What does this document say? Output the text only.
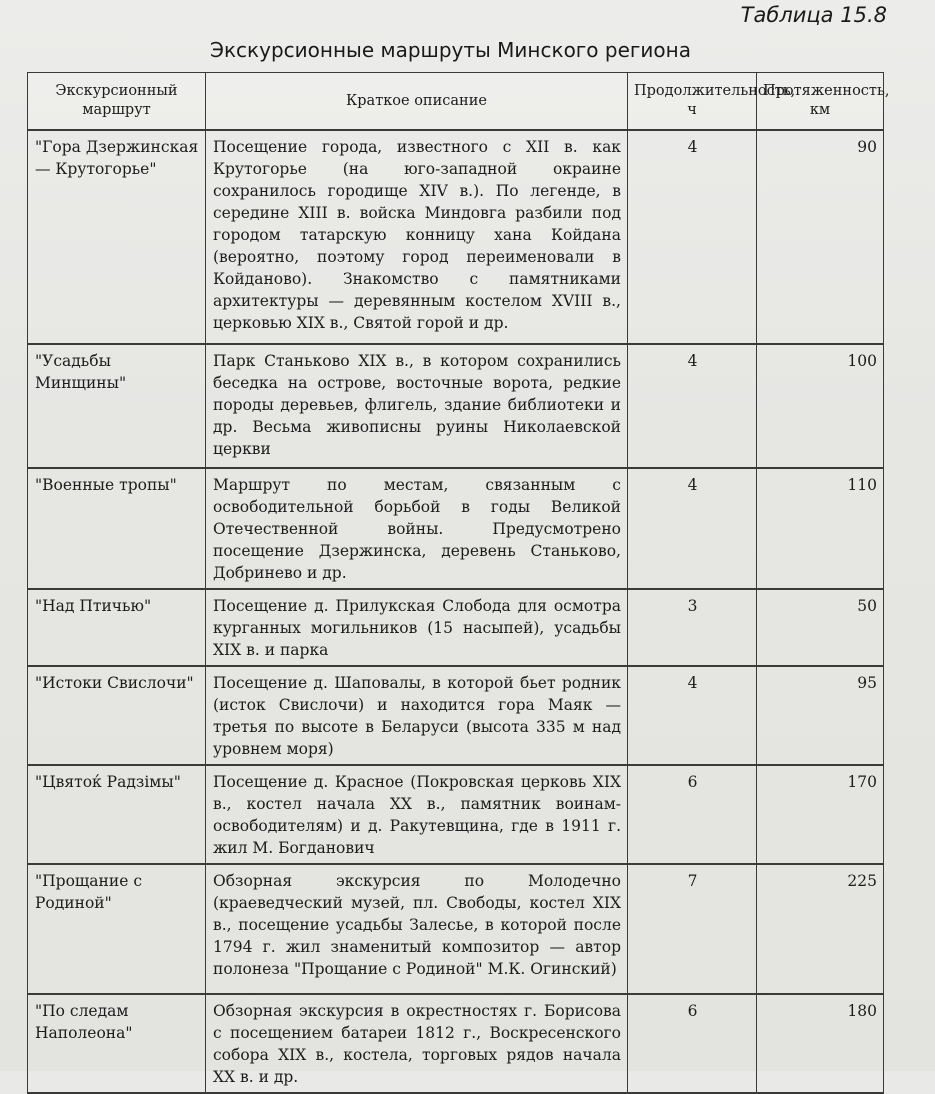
Таблица 15.8
Экскурсионные маршруты Минского региона
Экскурсионный маршрут	Краткое описание	Продолжительность, ч	Протяженность, км
"Гора Дзержинская — Крутогорье"	Посещение города, известного с XII в. как Крутогорье (на юго-западной окраине сохранилось городище XIV в.). По легенде, в середине XIII в. войска Миндовга разбили под городом татарскую конницу хана Койдана (вероятно, поэтому город переименовали в Койданово). Знакомство с памятниками архитектуры — деревянным костелом XVIII в., церковью XIX в., Святой горой и др.	4	90
"Усадьбы Минщины"	Парк Станьково XIX в., в котором сохранились беседка на острове, восточные ворота, редкие породы деревьев, флигель, здание библиотеки и др. Весьма живописны руины Николаевской церкви	4	100
"Военные тропы"	Маршрут по местам, связанным с освободительной борьбой в годы Великой Отечественной войны. Предусмотрено посещение Дзержинска, деревень Станьково, Добринево и др.	4	110
"Над Птичью"	Посещение д. Прилукская Слобода для осмотра курганных могильников (15 насыпей), усадьбы XIX в. и парка	3	50
"Истоки Свислочи"	Посещение д. Шаповалы, в которой бьет родник (исток Свислочи) и находится гора Маяк — третья по высоте в Беларуси (высота 335 м над уровнем моря)	4	95
"Цвятоќ Радзімы"	Посещение д. Красное (Покровская церковь XIX в., костел начала XX в., памятник воинам-освободителям) и д. Ракутевщина, где в 1911 г. жил М. Богданович	6	170
"Прощание с Родиной"	Обзорная экскурсия по Молодечно (краеведческий музей, пл. Свободы, костел XIX в., посещение усадьбы Залесье, в которой после 1794 г. жил знаменитый композитор — автор полонеза "Прощание с Родиной" М.К. Огинский)	7	225
"По следам Наполеона"	Обзорная экскурсия в окрестностях г. Борисова с посещением батареи 1812 г., Воскресенского собора XIX в., костела, торговых рядов начала XX в. и др.	6	180
